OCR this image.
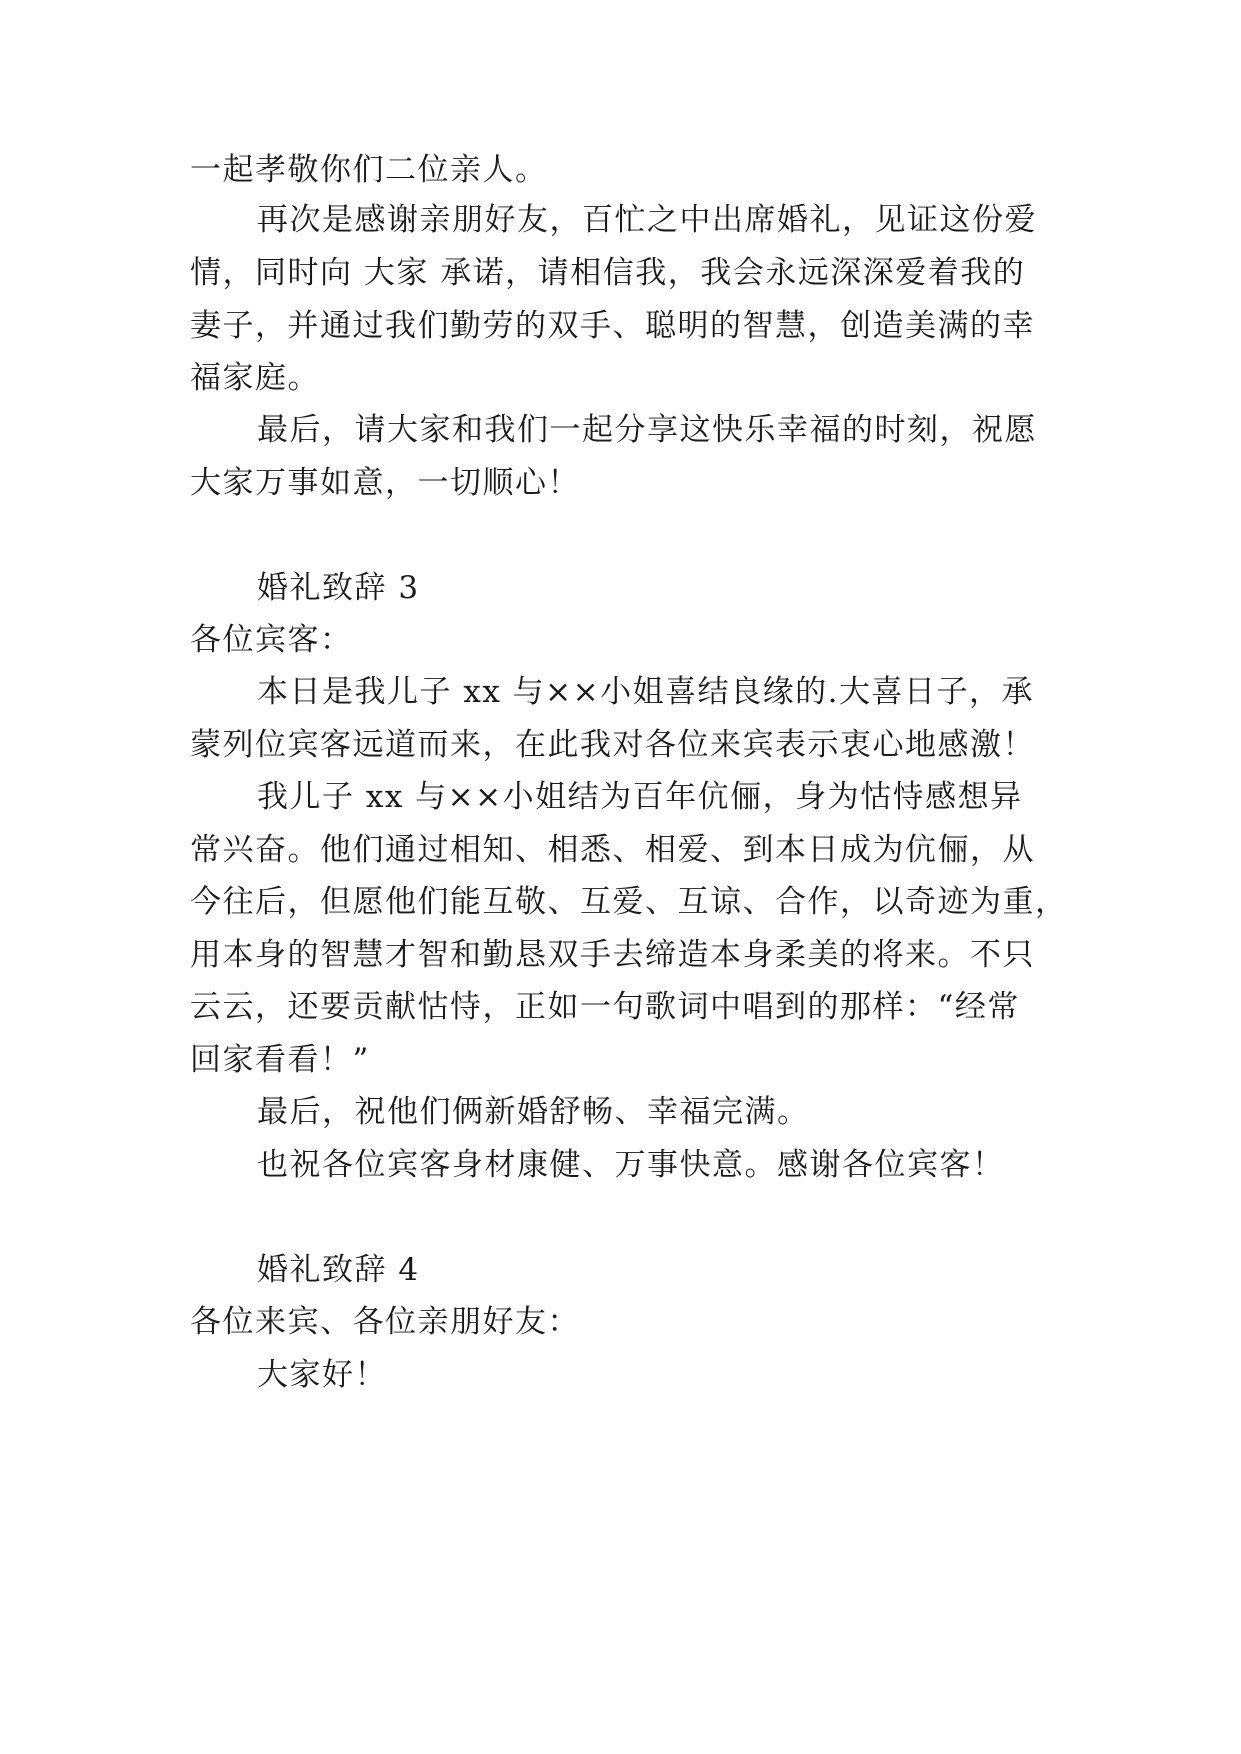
一起孝敬你们二位亲人。
再次是感谢亲朋好友，百忙之中出席婚礼，见证这份爱
情，同时向 大家 承诺，请相信我，我会永远深深爱着我的
妻子，并通过我们勤劳的双手、聪明的智慧，创造美满的幸
福家庭。
最后，请大家和我们一起分享这快乐幸福的时刻，祝愿
大家万事如意，一切顺心！
婚礼致辞 3
各位宾客：
本日是我儿子 xx 与××小姐喜结良缘的.大喜日子，承
蒙列位宾客远道而来，在此我对各位来宾表示衷心地感激！
我儿子 xx 与××小姐结为百年伉俪，身为怙恃感想异
常兴奋。他们通过相知、相悉、相爱、到本日成为伉俪，从
今往后，但愿他们能互敬、互爱、互谅、合作，以奇迹为重，
用本身的智慧才智和勤恳双手去缔造本身柔美的将来。不只
云云，还要贡献怙恃，正如一句歌词中唱到的那样：“经常
回家看看！”
最后，祝他们俩新婚舒畅、幸福完满。
也祝各位宾客身材康健、万事快意。感谢各位宾客！
婚礼致辞 4
各位来宾、各位亲朋好友：
大家好！
